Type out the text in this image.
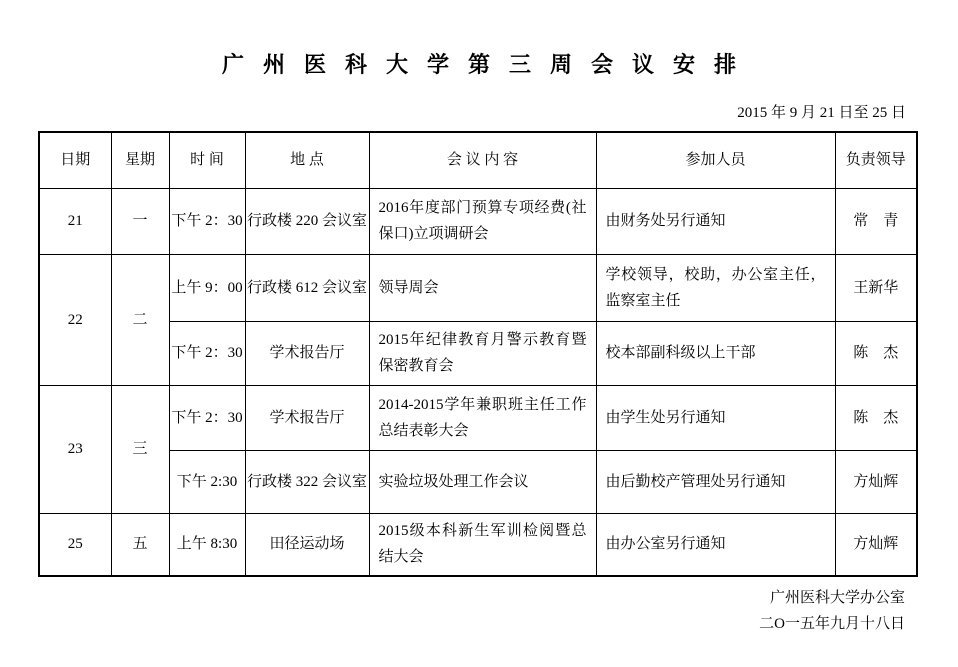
广州医科大学第三周会议安排
2015 年 9 月 21 日至 25 日
日期	星期	时 间	地 点	会 议 内 容	参加人员	负责领导
21	一	下午 2：30	行政楼 220 会议室	2016年度部门预算专项经费(社保口)立项调研会	由财务处另行通知	常　青
22	二	上午 9：00	行政楼 612 会议室	领导周会	学校领导，校助，办公室主任，监察室主任	王新华
		下午 2：30	学术报告厅	2015年纪律教育月警示教育暨保密教育会	校本部副科级以上干部	陈　杰
23	三	下午 2：30	学术报告厅	2014-2015学年兼职班主任工作总结表彰大会	由学生处另行通知	陈　杰
		下午 2:30	行政楼 322 会议室	实验垃圾处理工作会议	由后勤校产管理处另行通知	方灿辉
25	五	上午 8:30	田径运动场	2015级本科新生军训检阅暨总结大会	由办公室另行通知	方灿辉
广州医科大学办公室
二O一五年九月十八日
